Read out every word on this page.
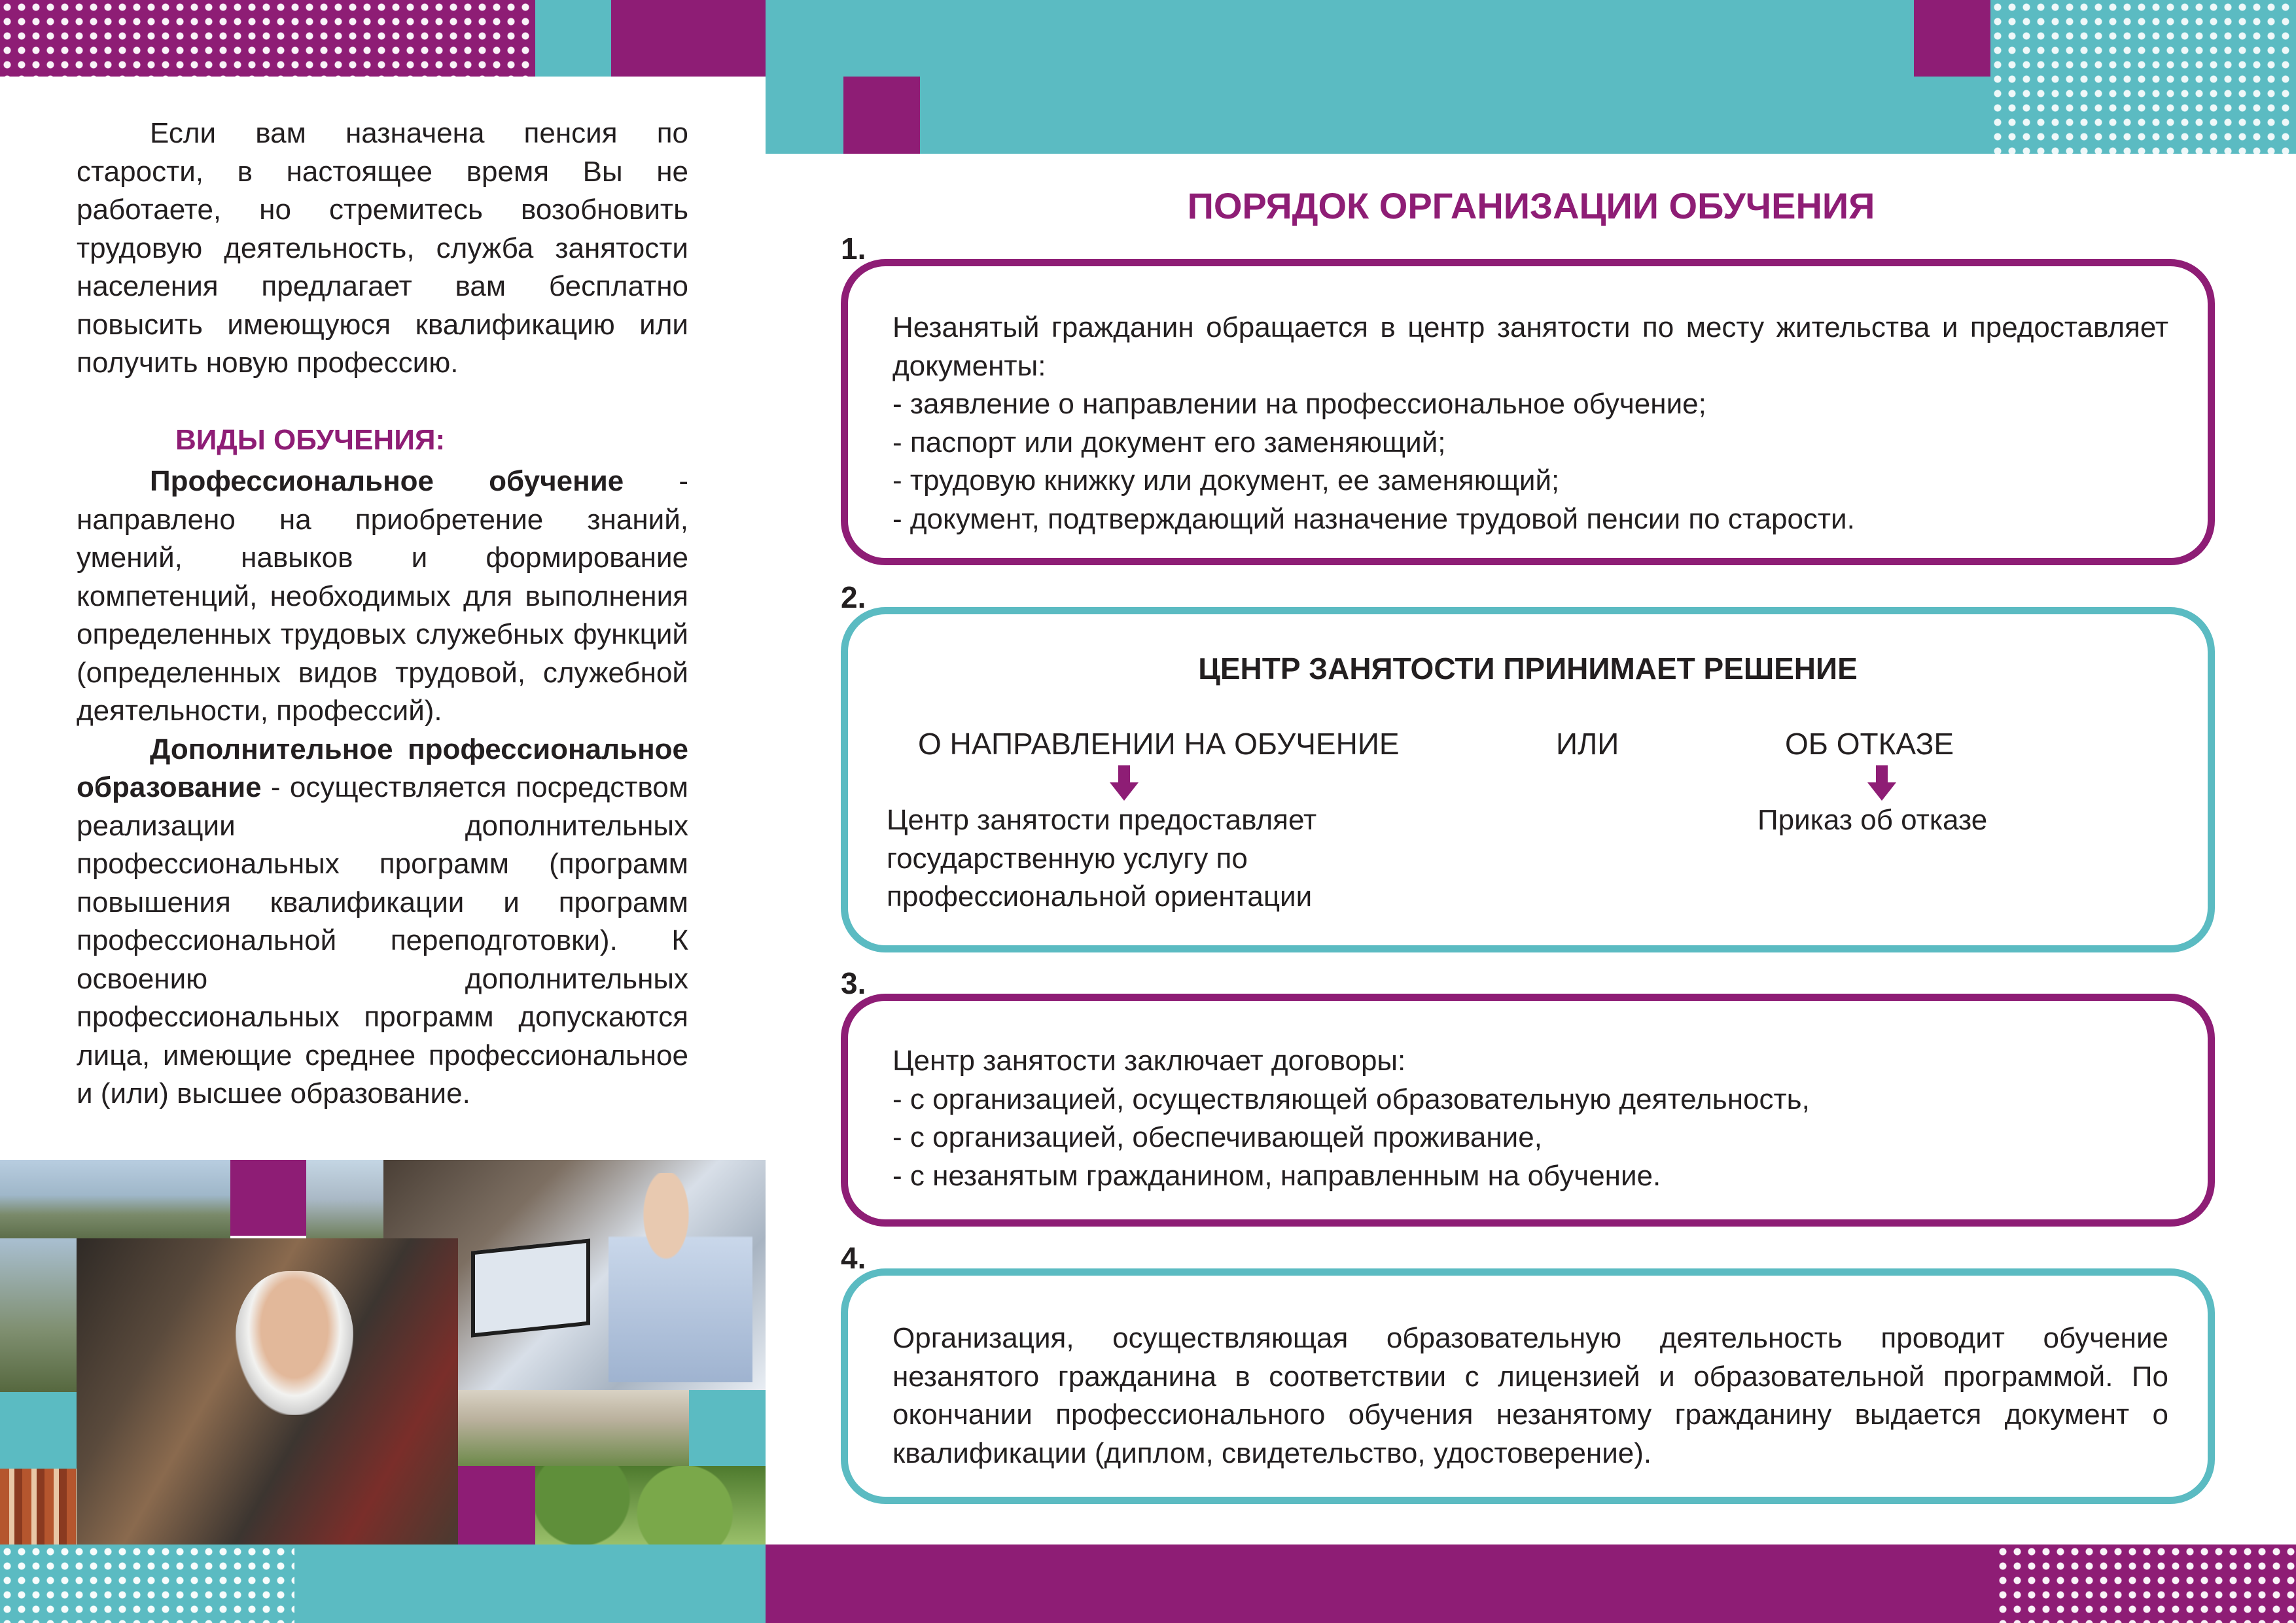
Если вам назначена пенсия по старости, в настоящее время Вы не работаете, но стремитесь возобновить трудовую деятельность, служба занятости населения предлагает вам бесплатно повысить имеющуюся квалификацию или получить новую профессию.

ВИДЫ ОБУЧЕНИЯ:

Профессиональное обучение - направлено на приобретение знаний, умений, навыков и формирование компетенций, необходимых для выполнения определенных трудовых служебных функций (определенных видов трудовой, служебной деятельности, профессий).

Дополнительное профессиональное образование - осуществляется посредством реализации дополнительных профессиональных программ (программ повышения квалификации и программ профессиональной переподготовки). К освоению дополнительных профессиональных программ допускаются лица, имеющие среднее профессиональное и (или) высшее образование.

ПОРЯДОК ОРГАНИЗАЦИИ ОБУЧЕНИЯ
1.
Незанятый гражданин обращается в центр занятости по месту жительства и предоставляет документы:
- заявление о направлении на профессиональное обучение;
- паспорт или документ его заменяющий;
- трудовую книжку или документ, ее заменяющий;
- документ, подтверждающий назначение трудовой пенсии по старости.
2.
ЦЕНТР ЗАНЯТОСТИ ПРИНИМАЕТ РЕШЕНИЕ
О НАПРАВЛЕНИИ НА ОБУЧЕНИЕ	ИЛИ	ОБ ОТКАЗЕ
Центр занятости предоставляет
государственную услугу по
профессиональной ориентации
Приказ об отказе
3.
Центр занятости заключает договоры:
- с организацией, осуществляющей образовательную деятельность,
- с организацией, обеспечивающей проживание,
- с незанятым гражданином, направленным на обучение.
4.
Организация, осуществляющая образовательную деятельность проводит обучение незанятого гражданина в соответствии с лицензией и образовательной программой. По окончании профессионального обучения незанятому гражданину выдается документ о квалификации (диплом, свидетельство, удостоверение).
